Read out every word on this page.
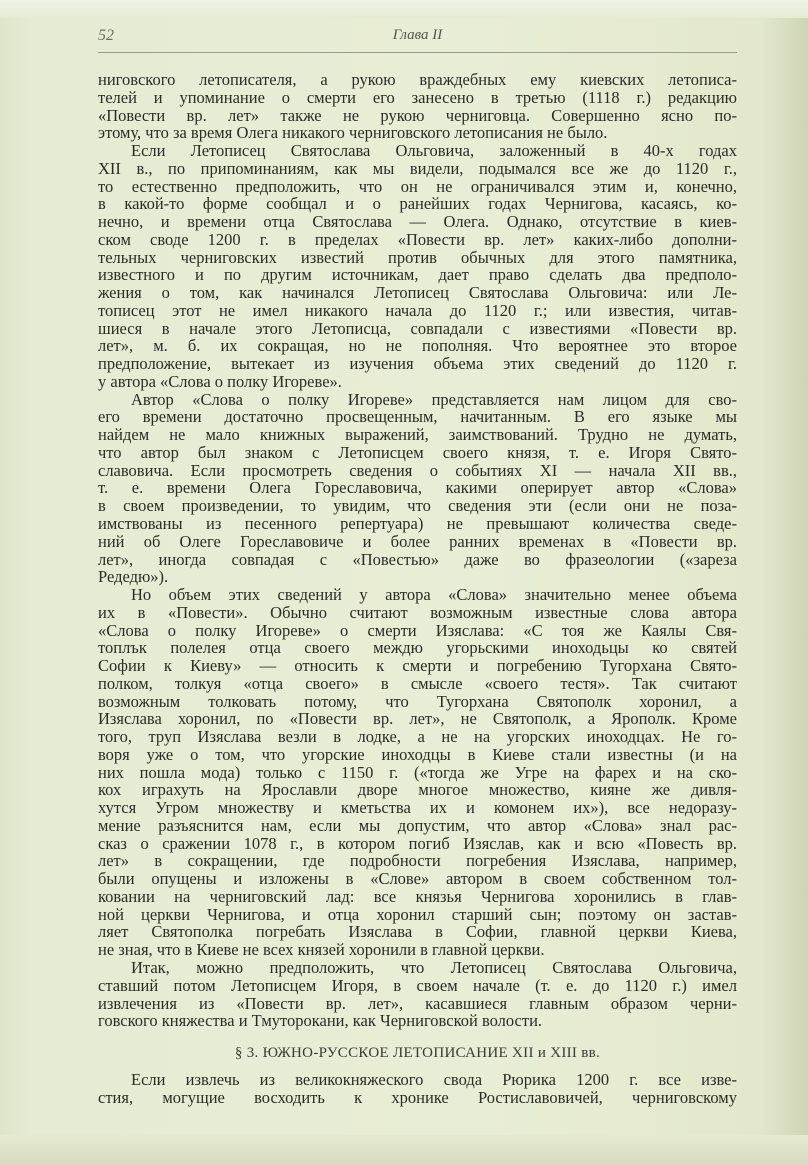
52	Глава II
ниговского летописателя, а рукою враждебных ему киевских летописа-
телей и упоминание о смерти его занесено в третью (1118 г.) редакцию
«Повести вр. лет» также не рукою черниговца. Совершенно ясно по-
этому, что за время Олега никакого черниговского летописания не было.
Если Летописец Святослава Ольговича, заложенный в 40-х годах
XII в., по припоминаниям, как мы видели, подымался все же до 1120 г.,
то естественно предположить, что он не ограничивался этим и, конечно,
в какой-то форме сообщал и о ранейших годах Чернигова, касаясь, ко-
нечно, и времени отца Святослава — Олега. Однако, отсутствие в киев-
ском своде 1200 г. в пределах «Повести вр. лет» каких-либо дополни-
тельных черниговских известий против обычных для этого памятника,
известного и по другим источникам, дает право сделать два предполо-
жения о том, как начинался Летописец Святослава Ольговича: или Ле-
тописец этот не имел никакого начала до 1120 г.; или известия, читав-
шиеся в начале этого Летописца, совпадали с известиями «Повести вр.
лет», м. б. их сокращая, но не пополняя. Что вероятнее это второе
предположение, вытекает из изучения объема этих сведений до 1120 г.
у автора «Слова о полку Игореве».
Автор «Слова о полку Игореве» представляется нам лицом для сво-
его времени достаточно просвещенным, начитанным. В его языке мы
найдем не мало книжных выражений, заимствований. Трудно не думать,
что автор был знаком с Летописцем своего князя, т. е. Игоря Свято-
славовича. Если просмотреть сведения о событиях XI — начала XII вв.,
т. е. времени Олега Гореславовича, какими оперирует автор «Слова»
в своем произведении, то увидим, что сведения эти (если они не поза-
имствованы из песенного репертуара) не превышают количества сведе-
ний об Олеге Гореславовиче и более ранних временах в «Повести вр.
лет», иногда совпадая с «Повестью» даже во фразеологии («зареза
Редедю»).
Но объем этих сведений у автора «Слова» значительно менее объема
их в «Повести». Обычно считают возможным известные слова автора
«Слова о полку Игореве» о смерти Изяслава: «С тоя же Каялы Свя-
топлък полелея отца своего междю угорьскими иноходьцы ко святей
Софии к Киеву» — относить к смерти и погребению Тугорхана Свято-
полком, толкуя «отца своего» в смысле «своего тестя». Так считают
возможным толковать потому, что Тугорхана Святополк хоронил, а
Изяслава хоронил, по «Повести вр. лет», не Святополк, а Ярополк. Кроме
того, труп Изяслава везли в лодке, а не на угорских иноходцах. Не го-
воря уже о том, что угорские иноходцы в Киеве стали известны (и на
них пошла мода) только с 1150 г. («тогда же Угре на фарех и на ско-
кох играхуть на Ярославли дворе многое множество, кияне же дивля-
хутся Угром множеству и кметьства их и комонем их»), все недоразу-
мение разъяснится нам, если мы допустим, что автор «Слова» знал рас-
сказ о сражении 1078 г., в котором погиб Изяслав, как и всю «Повесть вр.
лет» в сокращении, где подробности погребения Изяслава, например,
были опущены и изложены в «Слове» автором в своем собственном тол-
ковании на черниговский лад: все князья Чернигова хоронились в глав-
ной церкви Чернигова, и отца хоронил старший сын; поэтому он застав-
ляет Святополка погребать Изяслава в Софии, главной церкви Киева,
не зная, что в Киеве не всех князей хоронили в главной церкви.
Итак, можно предположить, что Летописец Святослава Ольговича,
ставший потом Летописцем Игоря, в своем начале (т. е. до 1120 г.) имел
извлечения из «Повести вр. лет», касавшиеся главным образом черни-
говского княжества и Тмуторокани, как Черниговской волости.
Если извлечь из великокняжеского свода Рюрика 1200 г. все изве-
стия, могущие восходить к хронике Ростиславовичей, черниговскому
§ 3. ЮЖНО-РУССКОЕ ЛЕТОПИСАНИЕ XII и XIII вв.
